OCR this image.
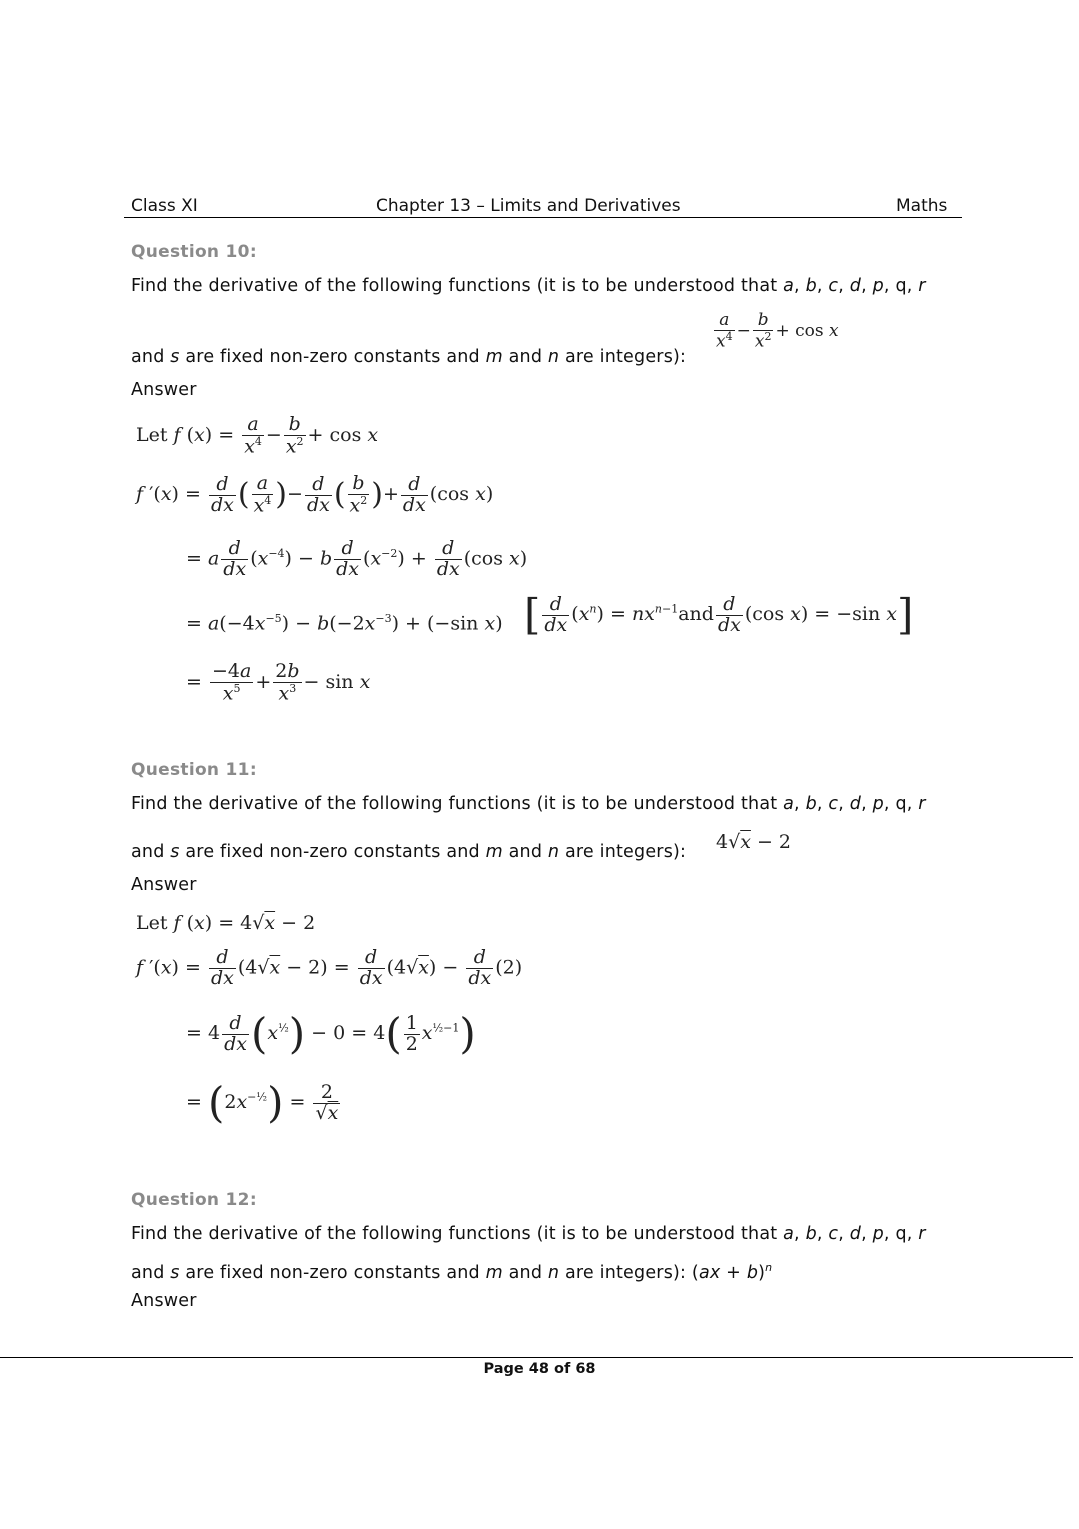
Class XI	Chapter 13 – Limits and Derivatives	Maths
Question 10:
Find the derivative of the following functions (it is to be understood that a, b, c, d, p, q, r
and s are fixed non-zero constants and m and n are integers):
$\frac{a}{x^4} - \frac{b}{x^2} + \cos x$
Answer
Let f $(x) = \frac{a}{x^4} - \frac{b}{x^2} + \cos x$
f $'(x) = \frac{d}{dx}$ ( $\frac{a}{x^4}$ )− $\frac{d}{dx}$ ( $\frac{b}{x^2}$ )+ $\frac{d}{dx} (\cos$ x)
= a $\frac{d}{dx} (x^{-4}) - b \frac{d}{dx} (x^{-2}) + \frac{d}{dx} (\cos$ x)
= $a(-4x^{-5}) - b(-2x^{-3}) + (-\sin$ x) [ $\frac{d}{dx} (x^n) = nx^{n-1}and \frac{d}{dx} (\cos$ x) = −sin x]
= $\frac{-4a}{x^5} + \frac{2b}{x^3} - \sin x$
Question 11:
Find the derivative of the following functions (it is to be understood that a, b, c, d, p, q, r
and s are fixed non-zero constants and m and n are integers): 4√x − 2
Answer
Let f (x) = 4√x − 2
f $'(x) = \frac{d}{dx} (4√x - 2) = \frac{d}{dx} (4√x) - \frac{d}{dx} (2)$
= $4 \frac{d}{dx} (x^{\frac{1}{2}}) - 0 = 4( \frac{1}{2} x^{\frac{1}{2}-1})$
= $(2x^{-\frac{1}{2}}) = \frac{2}{√x}$
Question 12:
Find the derivative of the following functions (it is to be understood that a, b, c, d, p, q, r
and s are fixed non-zero constants and m and n are integers): (ax + b)$^n$
Answer
Page 48 of 68
